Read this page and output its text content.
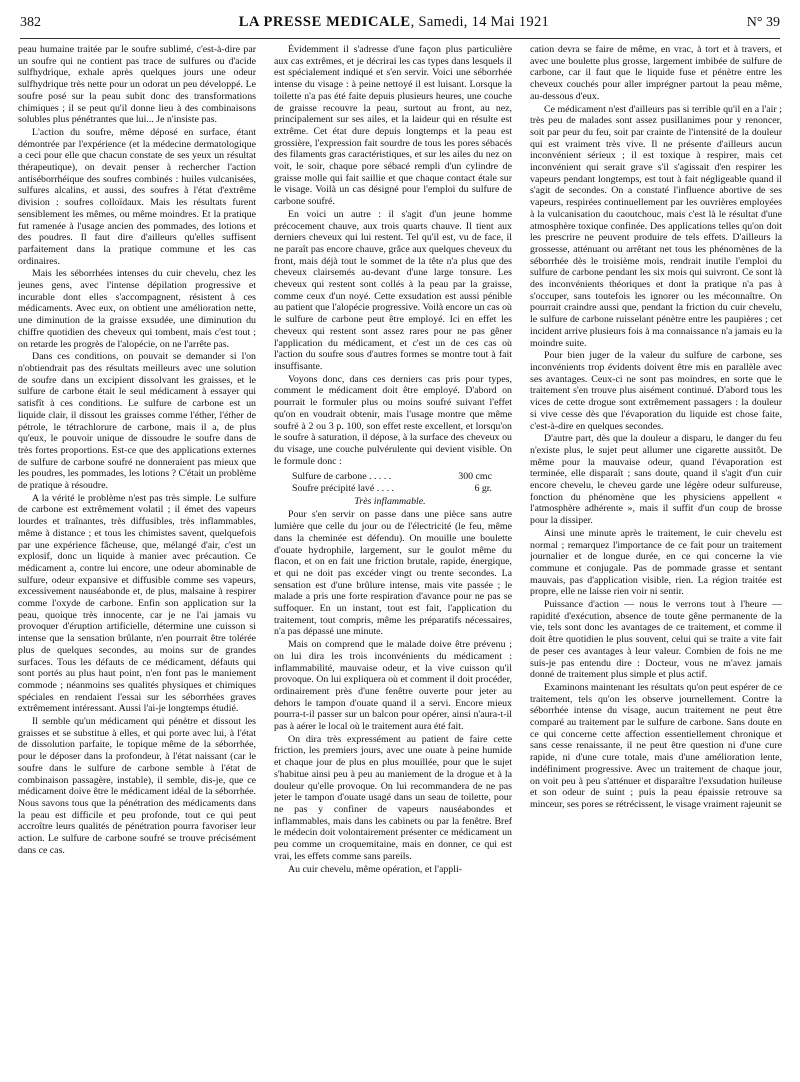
382	LA PRESSE MEDICALE, Samedi, 14 Mai 1921	N° 39

peau humaine traitée par le soufre sublimé, c'est-à-dire par un soufre qui ne contient pas trace de sulfures ou d'acide sulfhydrique, exhale après quelques jours une odeur sulfhydrique très nette pour un odorat un peu développé. Le soufre posé sur la peau subit donc des transformations chimiques ; il se peut qu'il donne lieu à des combinaisons solubles plus pénétrantes que lui... Je n'insiste pas.

L'action du soufre, même déposé en surface, étant démontrée par l'expérience (et la médecine dermatologique a ceci pour elle que chacun constate de ses yeux un résultat thérapeutique), on devait penser à rechercher l'action antiséborrhéique des soufres combinés : huiles vulcanisées, sulfures alcalins, et aussi, des soufres à l'état d'extrême division : soufres colloïdaux. Mais les résultats furent sensiblement les mêmes, ou même moindres. Et la pratique fut ramenée à l'usage ancien des pommades, des lotions et des poudres. Il faut dire d'ailleurs qu'elles suffisent parfaitement dans la pratique commune et les cas ordinaires.

Mais les séborrhées intenses du cuir chevelu, chez les jeunes gens, avec l'intense dépilation progressive et incurable dont elles s'accompagnent, résistent à ces médicaments. Avec eux, on obtient une amélioration nette, une diminution de la graisse exsudée, une diminution du chiffre quotidien des cheveux qui tombent, mais c'est tout ; on retarde les progrès de l'alopécie, on ne l'arrête pas.

Dans ces conditions, on pouvait se demander si l'on n'obtiendrait pas des résultats meilleurs avec une solution de soufre dans un excipient dissolvant les graisses, et le sulfure de carbone était le seul médicament à essayer qui satisfît à ces conditions. Le sulfure de carbone est un liquide clair, il dissout les graisses comme l'éther, l'éther de pétrole, le tétrachlorure de carbone, mais il a, de plus qu'eux, le pouvoir unique de dissoudre le soufre dans de très fortes proportions. Est-ce que des applications externes de sulfure de carbone soufré ne donneraient pas mieux que les poudres, les pommades, les lotions ? C'était un problème de pratique à résoudre.

A la vérité le problème n'est pas très simple. Le sulfure de carbone est extrêmement volatil ; il émet des vapeurs lourdes et traînantes, très diffusibles, très inflammables, même à distance ; et tous les chimistes savent, quelquefois par une expérience fâcheuse, que, mélangé d'air, c'est un explosif, donc un liquide à manier avec précaution. Ce médicament a, contre lui encore, une odeur abominable de sulfure, odeur expansive et diffusible comme ses vapeurs, excessivement nauséabonde et, de plus, malsaine à respirer comme l'oxyde de carbone. Enfin son application sur la peau, quoique très innocente, car je ne l'ai jamais vu provoquer d'éruption artificielle, détermine une cuisson si intense que la sensation brûlante, n'en pourrait être tolérée plus de quelques secondes, au moins sur de grandes surfaces. Tous les défauts de ce médicament, défauts qui sont portés au plus haut point, n'en font pas le maniement commode ; néanmoins ses qualités physiques et chimiques spéciales en rendaient l'essai sur les séborrhées graves extrêmement intéressant. Aussi l'ai-je longtemps étudié.

Il semble qu'un médicament qui pénètre et dissout les graisses et se substitue à elles, et qui porte avec lui, à l'état de dissolution parfaite, le topique même de la séborrhée, pour le déposer dans la profondeur, à l'état naissant (car le soufre dans le sulfure de carbone semble à l'état de combinaison passagère, instable), il semble, dis-je, que ce médicament doive être le médicament idéal de la séborrhée. Nous savons tous que la pénétration des médicaments dans la peau est difficile et peu profonde, tout ce qui peut accroître leurs qualités de pénétration pourra favoriser leur action. Le sulfure de carbone soufré se trouve précisément dans ce cas.

Évidemment il s'adresse d'une façon plus particulière aux cas extrêmes, et je décrirai les cas types dans lesquels il est spécialement indiqué et s'en servir. Voici une séborrhée intense du visage : à peine nettoyé il est luisant. Lorsque la toilette n'a pas été faite depuis plusieurs heures, une couche de graisse recouvre la peau, surtout au front, au nez, principalement sur ses ailes, et la laideur qui en résulte est extrême. Cet état dure depuis longtemps et la peau est grossière, l'expression fait sourdre de tous les pores sébacés des filaments gras caractéristiques, et sur les ailes du nez on voit, le soir, chaque pore sébacé rempli d'un cylindre de graisse molle qui fait saillie et que chaque contact étale sur le visage. Voilà un cas désigné pour l'emploi du sulfure de carbone soufré.

En voici un autre : il s'agit d'un jeune homme précocement chauve, aux trois quarts chauve. Il tient aux derniers cheveux qui lui restent. Tel qu'il est, vu de face, il ne paraît pas encore chauve, grâce aux quelques cheveux du front, mais déjà tout le sommet de la tête n'a plus que des cheveux clairsemés au-devant d'une large tonsure. Les cheveux qui restent sont collés à la peau par la graisse, comme ceux d'un noyé. Cette exsudation est aussi pénible au patient que l'alopécie progressive. Voilà encore un cas où le sulfure de carbone peut être employé. Ici en effet les cheveux qui restent sont assez rares pour ne pas gêner l'application du médicament, et c'est un de ces cas où l'action du soufre sous d'autres formes se montre tout à fait insuffisante.

Voyons donc, dans ces derniers cas pris pour types, comment le médicament doit être employé. D'abord on pourrait le formuler plus ou moins soufré suivant l'effet qu'on en voudrait obtenir, mais l'usage montre que même soufré à 2 ou 3 p. 100, son effet reste excellent, et lorsqu'on le soufre à saturation, il dépose, à la surface des cheveux ou du visage, une couche pulvérulente qui devient visible. On le formule donc :

Sulfure de carbone . . . . .	300 cmc
Soufre précipité lavé . . . .	6 gr.
Très inflammable.

Pour s'en servir on passe dans une pièce sans autre lumière que celle du jour ou de l'électricité (le feu, même dans la cheminée est défendu). On mouille une boulette d'ouate hydrophile, largement, sur le goulot même du flacon, et on en fait une friction brutale, rapide, énergique, et qui ne doit pas excéder vingt ou trente secondes. La sensation est d'une brûlure intense, mais vite passée ; le malade a pris une forte respiration d'avance pour ne pas se suffoquer. En un instant, tout est fait, l'application du traitement, tout compris, même les préparatifs nécessaires, n'a pas dépassé une minute.

Mais on comprend que le malade doive être prévenu ; on lui dira les trois inconvénients du médicament : inflammabilité, mauvaise odeur, et la vive cuisson qu'il provoque. On lui expliquera où et comment il doit procéder, ordinairement près d'une fenêtre ouverte pour jeter au dehors le tampon d'ouate quand il a servi. Encore mieux pourra-t-il passer sur un balcon pour opérer, ainsi n'aura-t-il pas à aérer le local où le traitement aura été fait.

On dira très expressément au patient de faire cette friction, les premiers jours, avec une ouate à peine humide et chaque jour de plus en plus mouillée, pour que le sujet s'habitue ainsi peu à peu au maniement de la drogue et à la douleur qu'elle provoque. On lui recommandera de ne pas jeter le tampon d'ouate usagé dans un seau de toilette, pour ne pas y confiner de vapeurs nauséabondes et inflammables, mais dans les cabinets ou par la fenêtre. Bref le médecin doit volontairement présenter ce médicament un peu comme un croquemitaine, mais en donner, ce qui est vrai, les effets comme sans pareils.

Au cuir chevelu, même opération, et l'appli-

cation devra se faire de même, en vrac, à tort et à travers, et avec une boulette plus grosse, largement imbibée de sulfure de carbone, car il faut que le liquide fuse et pénètre entre les cheveux couchés pour aller imprégner partout la peau même, au-dessous d'eux.

Ce médicament n'est d'ailleurs pas si terrible qu'il en a l'air ; très peu de malades sont assez pusillanimes pour y renoncer, soit par peur du feu, soit par crainte de l'intensité de la douleur qui est vraiment très vive. Il ne présente d'ailleurs aucun inconvénient sérieux ; il est toxique à respirer, mais cet inconvénient qui serait grave s'il s'agissait d'en respirer les vapeurs pendant longtemps, est tout à fait négligeable quand il s'agit de secondes. On a constaté l'influence abortive de ses vapeurs, respirées continuellement par les ouvrières employées à la vulcanisation du caoutchouc, mais c'est là le résultat d'une atmosphère toxique confinée. Des applications telles qu'on doit les prescrire ne peuvent produire de tels effets. D'ailleurs la grossesse, atténuant ou arrêtant net tous les phénomènes de la séborrhée dès le troisième mois, rendrait inutile l'emploi du sulfure de carbone pendant les six mois qui suivront. Ce sont là des inconvénients théoriques et dont la pratique n'a pas à s'occuper, sans toutefois les ignorer ou les méconnaître. On pourrait craindre aussi que, pendant la friction du cuir chevelu, le sulfure de carbone ruisselant pénètre entre les paupières ; cet incident arrive plusieurs fois à ma connaissance n'a jamais eu la moindre suite.

Pour bien juger de la valeur du sulfure de carbone, ses inconvénients trop évidents doivent être mis en parallèle avec ses avantages. Ceux-ci ne sont pas moindres, en sorte que le traitement s'en trouve plus aisément continué. D'abord tous les vices de cette drogue sont extrêmement passagers : la douleur si vive cesse dès que l'évaporation du liquide est chose faite, c'est-à-dire en quelques secondes.

D'autre part, dès que la douleur a disparu, le danger du feu n'existe plus, le sujet peut allumer une cigarette aussitôt. De même pour la mauvaise odeur, quand l'évaporation est terminée, elle disparaît ; sans doute, quand il s'agit d'un cuir encore chevelu, le cheveu garde une légère odeur sulfureuse, fonction du phénomène que les physiciens appellent « l'atmosphère adhérente », mais il suffit d'un coup de brosse pour la dissiper.

Ainsi une minute après le traitement, le cuir chevelu est normal ; remarquez l'importance de ce fait pour un traitement journalier et de longue durée, en ce qui concerne la vie commune et conjugale. Pas de pommade grasse et sentant mauvais, pas d'application visible, rien. La région traitée est propre, elle ne laisse rien voir ni sentir.

Puissance d'action — nous le verrons tout à l'heure — rapidité d'exécution, absence de toute gêne permanente de la vie, tels sont donc les avantages de ce traitement, et comme il doit être quotidien le plus souvent, celui qui se traite a vite fait de peser ces avantages à leur valeur. Combien de fois ne me suis-je pas entendu dire : Docteur, vous ne m'avez jamais donné de traitement plus simple et plus actif.

Examinons maintenant les résultats qu'on peut espérer de ce traitement, tels qu'on les observe journellement. Contre la séborrhée intense du visage, aucun traitement ne peut être comparé au traitement par le sulfure de carbone. Sans doute en ce qui concerne cette affection essentiellement chronique et sans cesse renaissante, il ne peut être question ni d'une cure rapide, ni d'une cure totale, mais d'une amélioration lente, indéfiniment progressive. Avec un traitement de chaque jour, on voit peu à peu s'atténuer et disparaître l'exsudation huileuse et son odeur de suint ; puis la peau épaissie retrouve sa minceur, ses pores se rétrécissent, le visage vraiment rajeunit se
